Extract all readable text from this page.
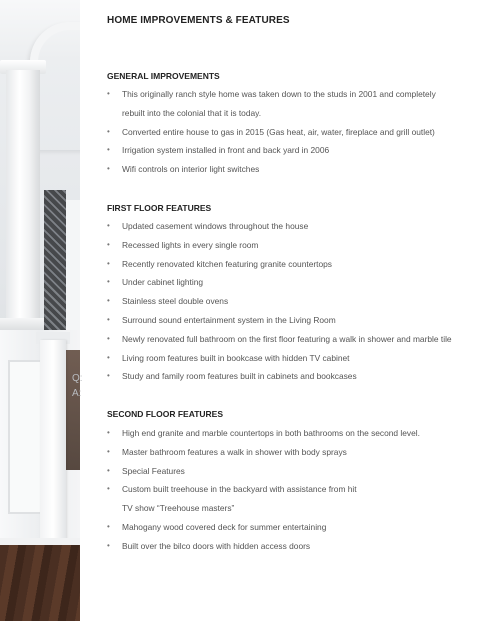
Q:
A:
HOME IMPROVEMENTS & FEATURES
GENERAL IMPROVEMENTS
• This originally ranch style home was taken down to the studs in 2001 and completely
rebuilt into the colonial that it is today.
• Converted entire house to gas in 2015 (Gas heat, air, water, fireplace and grill outlet)
• Irrigation system installed in front and back yard in 2006
• Wifi controls on interior light switches
FIRST FLOOR FEATURES
• Updated casement windows throughout the house
• Recessed lights in every single room
• Recently renovated kitchen featuring granite countertops
• Under cabinet lighting
• Stainless steel double ovens
• Surround sound entertainment system in the Living Room
• Newly renovated full bathroom on the first floor featuring a walk in shower and marble tile
• Living room features built in bookcase with hidden TV cabinet
• Study and family room features built in cabinets and bookcases
SECOND FLOOR FEATURES
• High end granite and marble countertops in both bathrooms on the second level.
• Master bathroom features a walk in shower with body sprays
• Special Features
• Custom built treehouse in the backyard with assistance from hit
TV show “Treehouse masters”
• Mahogany wood covered deck for summer entertaining
• Built over the bilco doors with hidden access doors
